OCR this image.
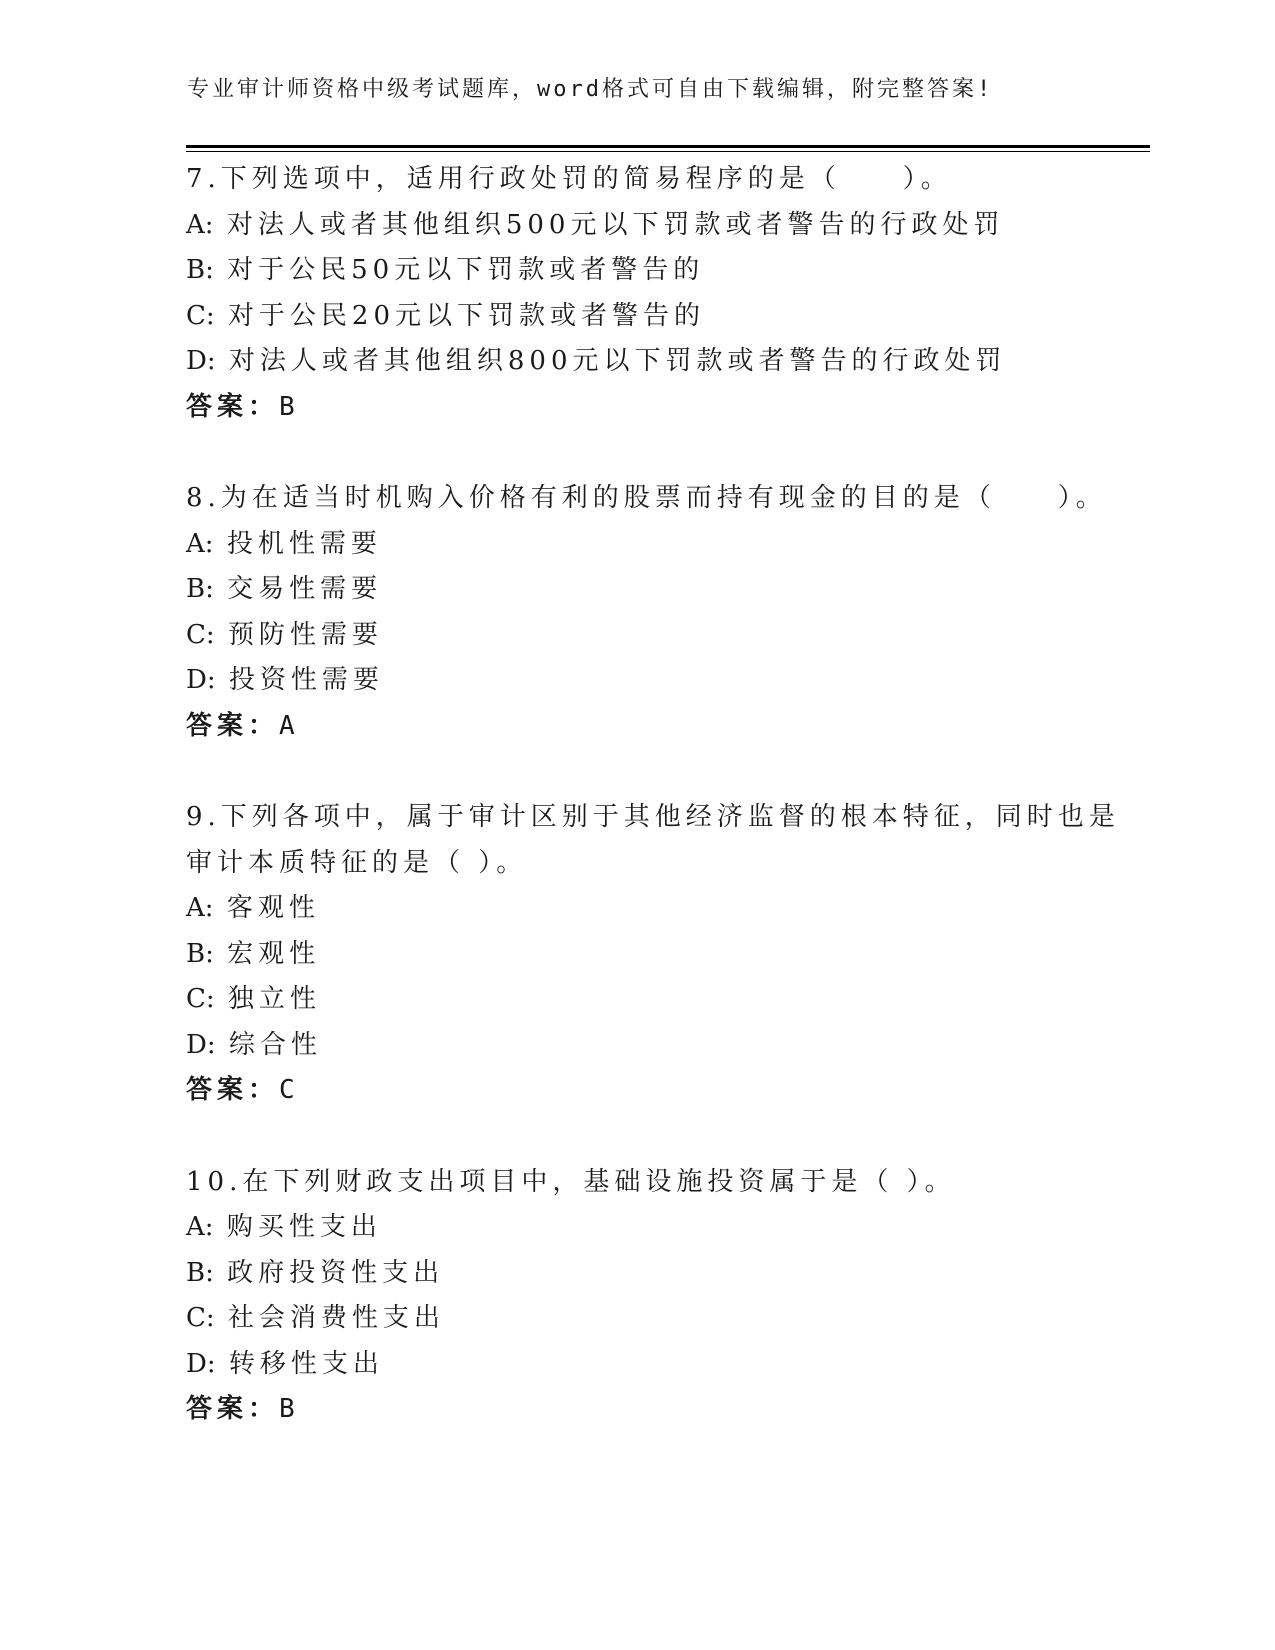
专业审计师资格中级考试题库，word格式可自由下载编辑，附完整答案!
7.下列选项中，适用行政处罚的简易程序的是（　　）。
A: 对法人或者其他组织500元以下罚款或者警告的行政处罚
B: 对于公民50元以下罚款或者警告的
C: 对于公民20元以下罚款或者警告的
D: 对法人或者其他组织800元以下罚款或者警告的行政处罚
答案：B
8.为在适当时机购入价格有利的股票而持有现金的目的是（　　）。
A: 投机性需要
B: 交易性需要
C: 预防性需要
D: 投资性需要
答案：A
9.下列各项中，属于审计区别于其他经济监督的根本特征，同时也是
审计本质特征的是（ ）。
A: 客观性
B: 宏观性
C: 独立性
D: 综合性
答案：C
10.在下列财政支出项目中，基础设施投资属于是（ ）。
A: 购买性支出
B: 政府投资性支出
C: 社会消费性支出
D: 转移性支出
答案：B
